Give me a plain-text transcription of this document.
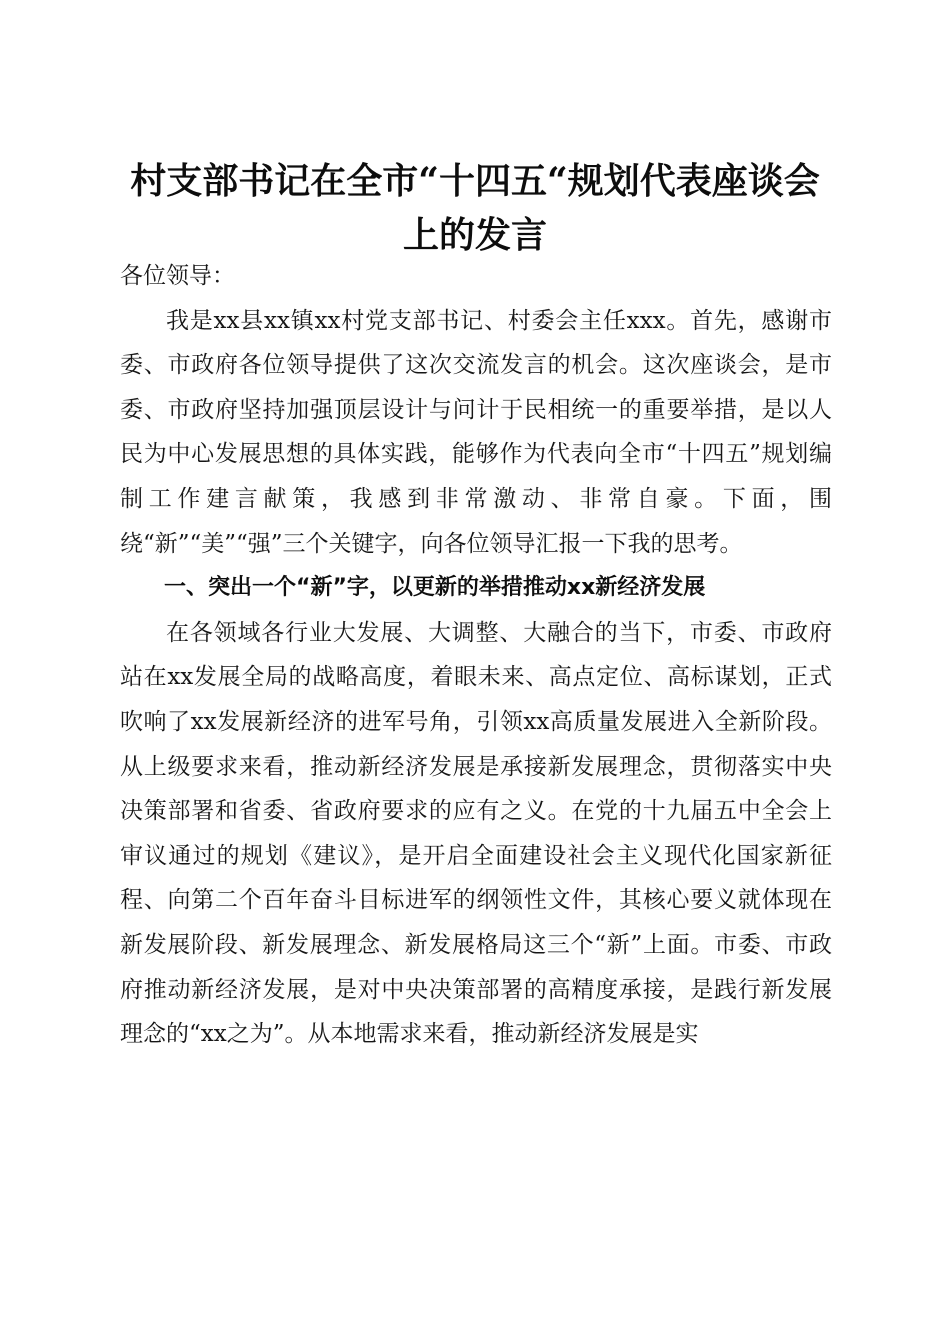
村支部书记在全市“十四五“规划代表座谈会
上的发言

各位领导：

我是xx县xx镇xx村党支部书记、村委会主任xxx。首先，感谢市委、市政府各位领导提供了这次交流发言的机会。这次座谈会，是市委、市政府坚持加强顶层设计与问计于民相统一的重要举措，是以人民为中心发展思想的具体实践，能够作为代表向全市“十四五”规划编制工作建言献策，我感到非常激动、非常自豪。下面，围绕“新”“美”“强”三个关键字，向各位领导汇报一下我的思考。

一、突出一个“新”字，以更新的举措推动xx新经济发展

在各领域各行业大发展、大调整、大融合的当下，市委、市政府站在xx发展全局的战略高度，着眼未来、高点定位、高标谋划，正式吹响了xx发展新经济的进军号角，引领xx高质量发展进入全新阶段。从上级要求来看，推动新经济发展是承接新发展理念，贯彻落实中央决策部署和省委、省政府要求的应有之义。在党的十九届五中全会上审议通过的规划《建议》，是开启全面建设社会主义现代化国家新征程、向第二个百年奋斗目标进军的纲领性文件，其核心要义就体现在新发展阶段、新发展理念、新发展格局这三个“新”上面。市委、市政府推动新经济发展，是对中央决策部署的高精度承接，是践行新发展理念的“xx之为”。从本地需求来看，推动新经济发展是实
